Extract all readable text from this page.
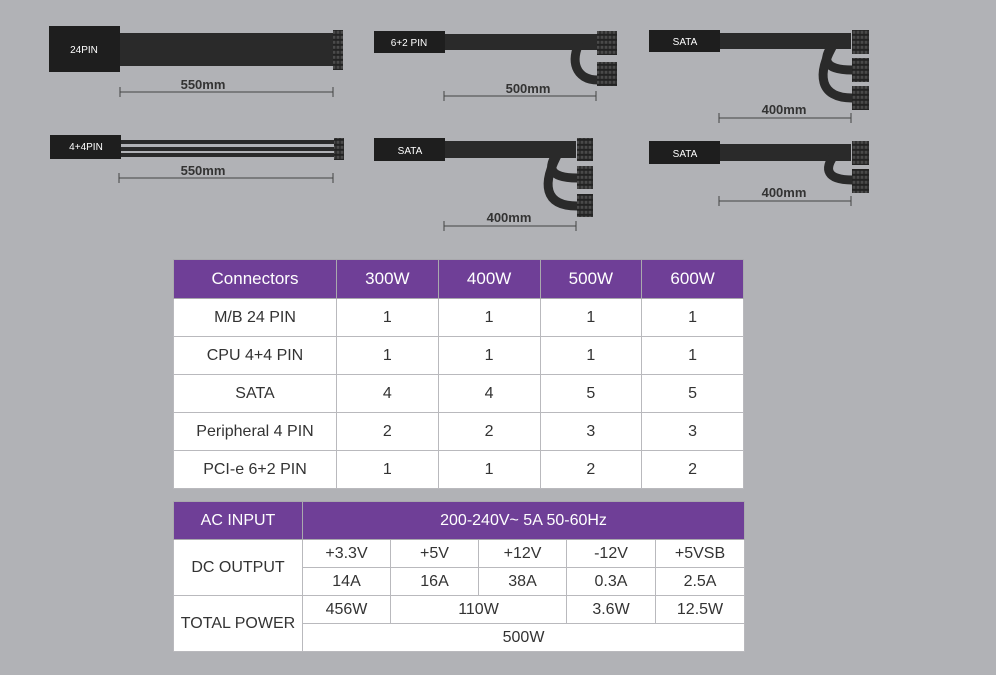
24PIN
550mm
6+2 PIN
500mm
SATA
400mm
4+4PIN
550mm
SATA
400mm
SATA
400mm
Connectors	300W	400W	500W	600W
M/B 24 PIN	1	1	1	1
CPU 4+4 PIN	1	1	1	1
SATA	4	4	5	5
Peripheral 4 PIN	2	2	3	3
PCI-e 6+2 PIN	1	1	2	2
AC INPUT	200-240V~ 5A 50-60Hz				
DC OUTPUT	+3.3V	+5V	+12V	-12V	+5VSB
	14A	16A	38A	0.3A	2.5A
TOTAL POWER	456W	110W		3.6W	12.5W
	500W				
